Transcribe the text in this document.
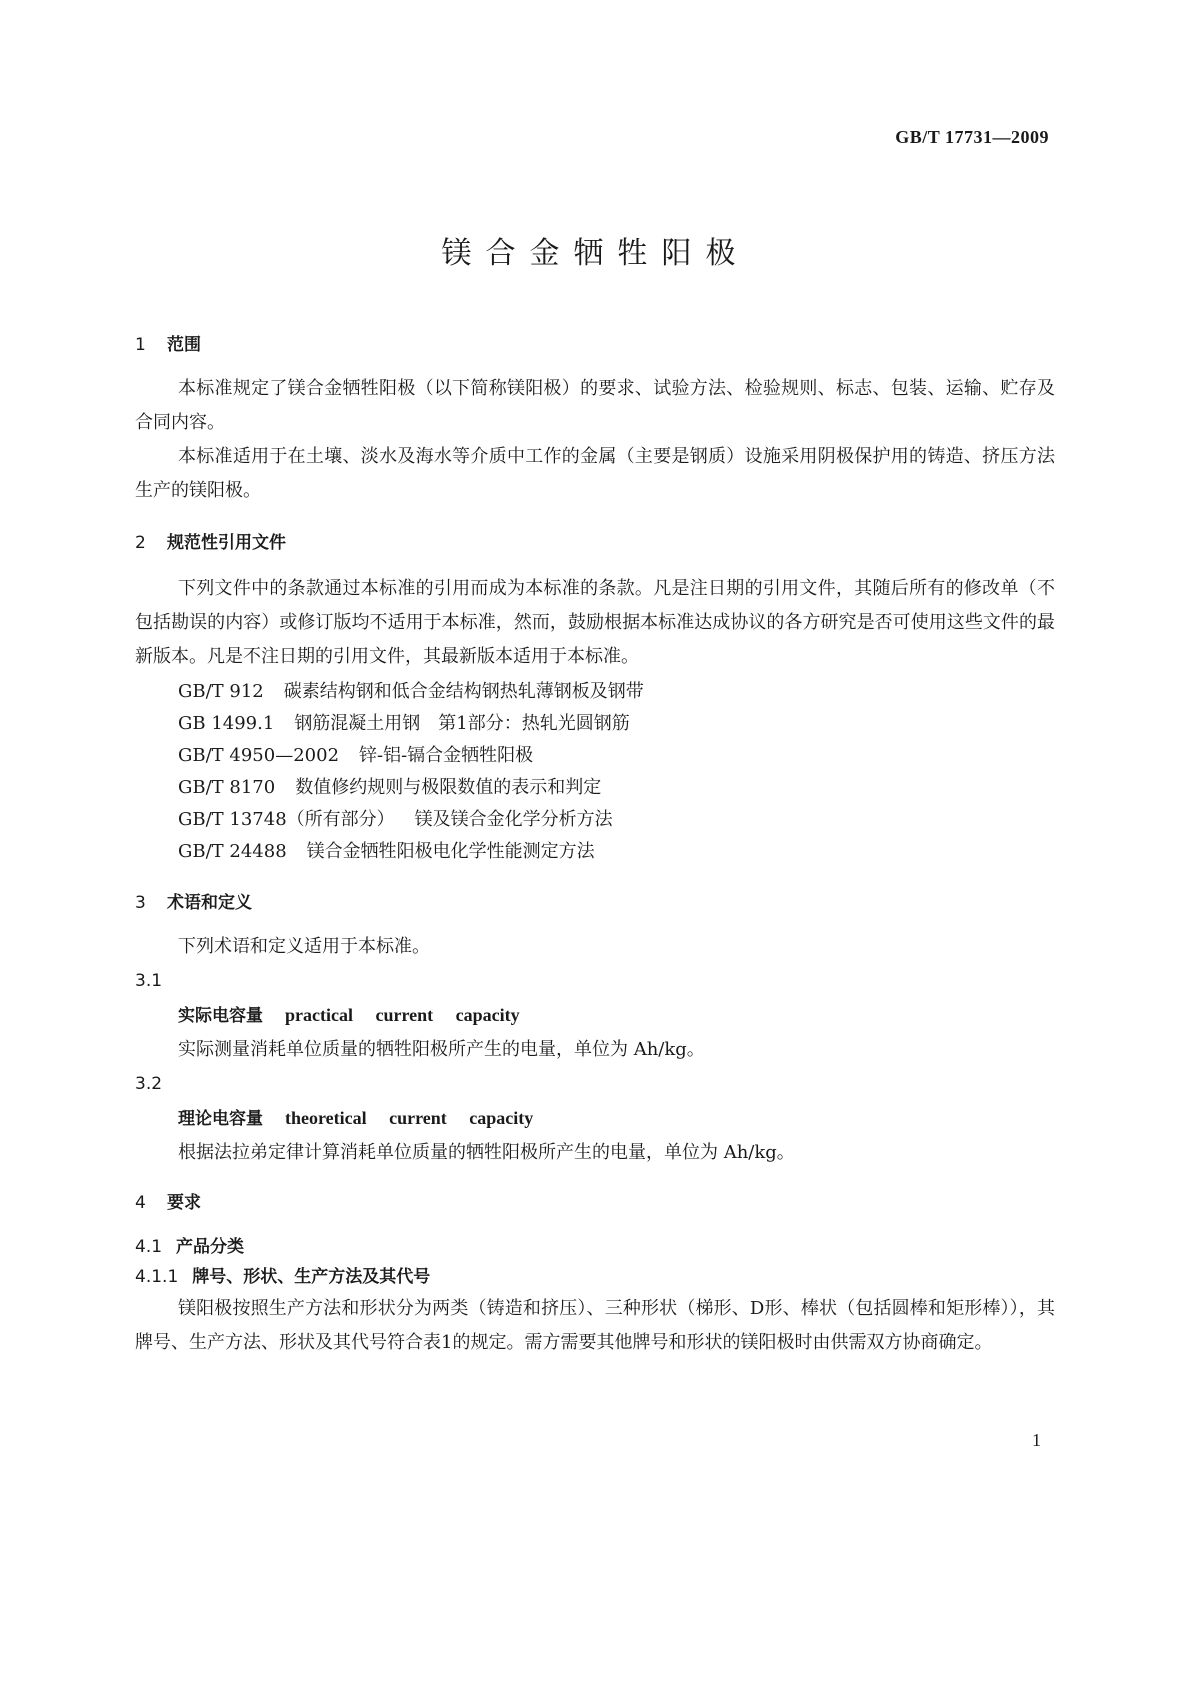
GB/T 17731—2009
镁合金牺牲阳极
1 范围

本标准规定了镁合金牺牲阳极（以下简称镁阳极）的要求、试验方法、检验规则、标志、包装、运输、贮存及合同内容。

本标准适用于在土壤、淡水及海水等介质中工作的金属（主要是钢质）设施采用阴极保护用的铸造、挤压方法生产的镁阳极。

2 规范性引用文件

下列文件中的条款通过本标准的引用而成为本标准的条款。凡是注日期的引用文件，其随后所有的修改单（不包括勘误的内容）或修订版均不适用于本标准，然而，鼓励根据本标准达成协议的各方研究是否可使用这些文件的最新版本。凡是不注日期的引用文件，其最新版本适用于本标准。

GB/T 912 碳素结构钢和低合金结构钢热轧薄钢板及钢带

GB 1499.1 钢筋混凝土用钢　第1部分：热轧光圆钢筋

GB/T 4950—2002 锌-铝-镉合金牺牲阳极

GB/T 8170 数值修约规则与极限数值的表示和判定

GB/T 13748（所有部分） 镁及镁合金化学分析方法

GB/T 24488 镁合金牺牲阳极电化学性能测定方法

3 术语和定义

下列术语和定义适用于本标准。

3.1

实际电容量 practical current capacity

实际测量消耗单位质量的牺牲阳极所产生的电量，单位为 Ah/kg。

3.2

理论电容量 theoretical current capacity

根据法拉弟定律计算消耗单位质量的牺牲阳极所产生的电量，单位为 Ah/kg。

4 要求

4.1 产品分类

4.1.1 牌号、形状、生产方法及其代号

镁阳极按照生产方法和形状分为两类（铸造和挤压）、三种形状（梯形、D形、棒状（包括圆棒和矩形棒）），其牌号、生产方法、形状及其代号符合表1的规定。需方需要其他牌号和形状的镁阳极时由供需双方协商确定。

1
